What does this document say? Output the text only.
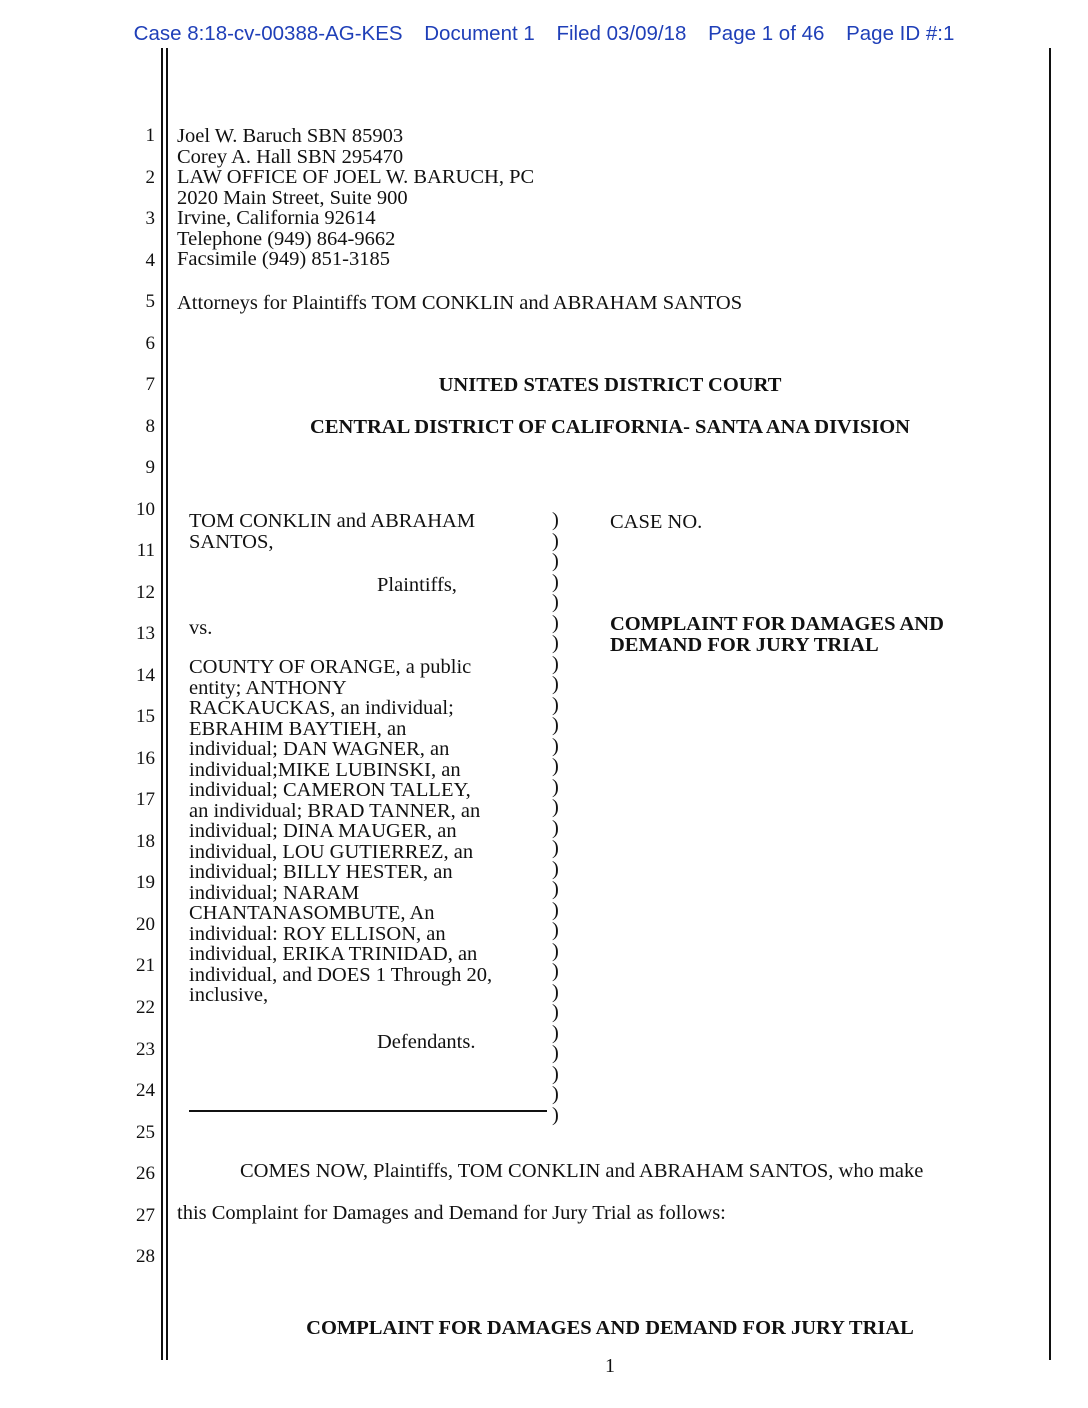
Case 8:18-cv-00388-AG-KES Document 1 Filed 03/09/18 Page 1 of 46 Page ID #:1
1
2
3
4
5
6
7
8
9
10
11
12
13
14
15
16
17
18
19
20
21
22
23
24
25
26
27
28
Joel W. Baruch SBN 85903
Corey A. Hall SBN 295470
LAW OFFICE OF JOEL W. BARUCH, PC
2020 Main Street, Suite 900
Irvine, California 92614
Telephone (949) 864-9662
Facsimile (949) 851-3185
Attorneys for Plaintiffs TOM CONKLIN and ABRAHAM SANTOS
UNITED STATES DISTRICT COURT
CENTRAL DISTRICT OF CALIFORNIA- SANTA ANA DIVISION
TOM CONKLIN and ABRAHAM
SANTOS,
Plaintiffs,
vs.
COUNTY OF ORANGE, a public
entity; ANTHONY
RACKAUCKAS, an individual;
EBRAHIM BAYTIEH, an
individual; DAN WAGNER, an
individual;MIKE LUBINSKI, an
individual; CAMERON TALLEY,
an individual; BRAD TANNER, an
individual; DINA MAUGER, an
individual, LOU GUTIERREZ, an
individual; BILLY HESTER, an
individual; NARAM
CHANTANASOMBUTE, An
individual: ROY ELLISON, an
individual, ERIKA TRINIDAD, an
individual, and DOES 1 Through 20,
inclusive,
Defendants.
)
)
)
)
)
)
)
)
)
)
)
)
)
)
)
)
)
)
)
)
)
)
)
)
)
)
)
)
)
)
CASE NO.
COMPLAINT FOR DAMAGES AND
DEMAND FOR JURY TRIAL
COMES NOW, Plaintiffs, TOM CONKLIN and ABRAHAM SANTOS, who make
this Complaint for Damages and Demand for Jury Trial as follows:
COMPLAINT FOR DAMAGES AND DEMAND FOR JURY TRIAL
1
